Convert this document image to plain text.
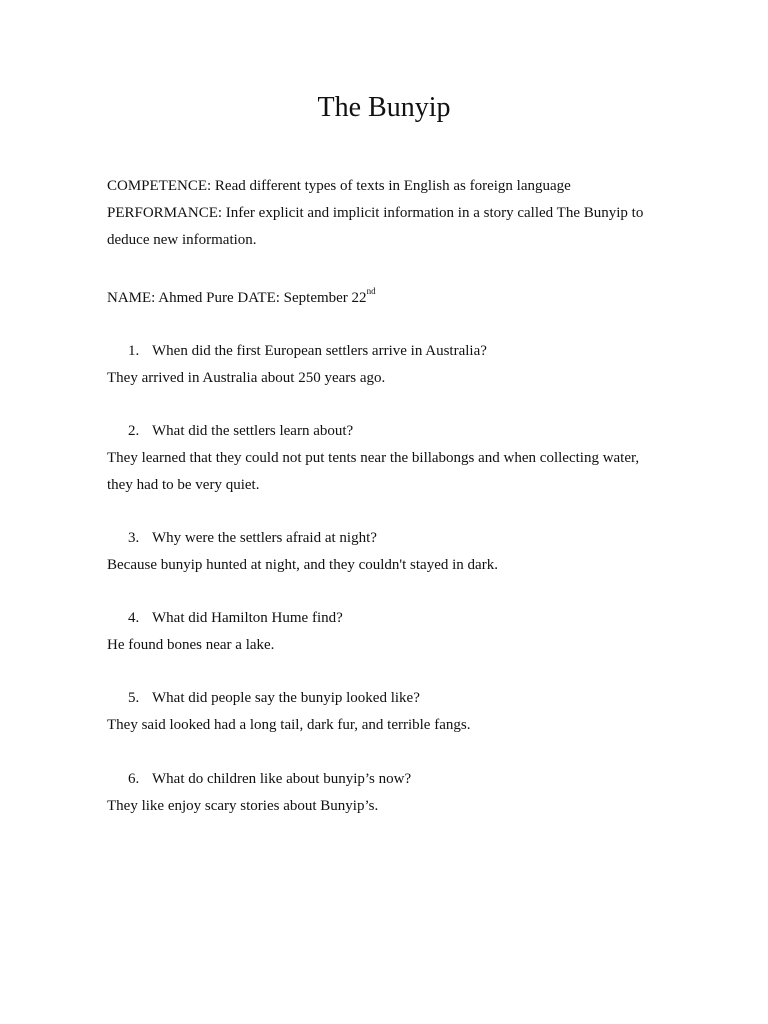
The Bunyip

COMPETENCE: Read different types of texts in English as foreign language

PERFORMANCE: Infer explicit and implicit information in a story called The Bunyip to deduce new information.

NAME: Ahmed Pure DATE: September 22nd

1. When did the first European settlers arrive in Australia?

They arrived in Australia about 250 years ago.

2. What did the settlers learn about?

They learned that they could not put tents near the billabongs and when collecting water, they had to be very quiet.

3. Why were the settlers afraid at night?

Because bunyip hunted at night, and they couldn't stayed in dark.

4. What did Hamilton Hume find?

He found bones near a lake.

5. What did people say the bunyip looked like?

They said looked had a long tail, dark fur, and terrible fangs.

6. What do children like about bunyip’s now?

They like enjoy scary stories about Bunyip’s.
